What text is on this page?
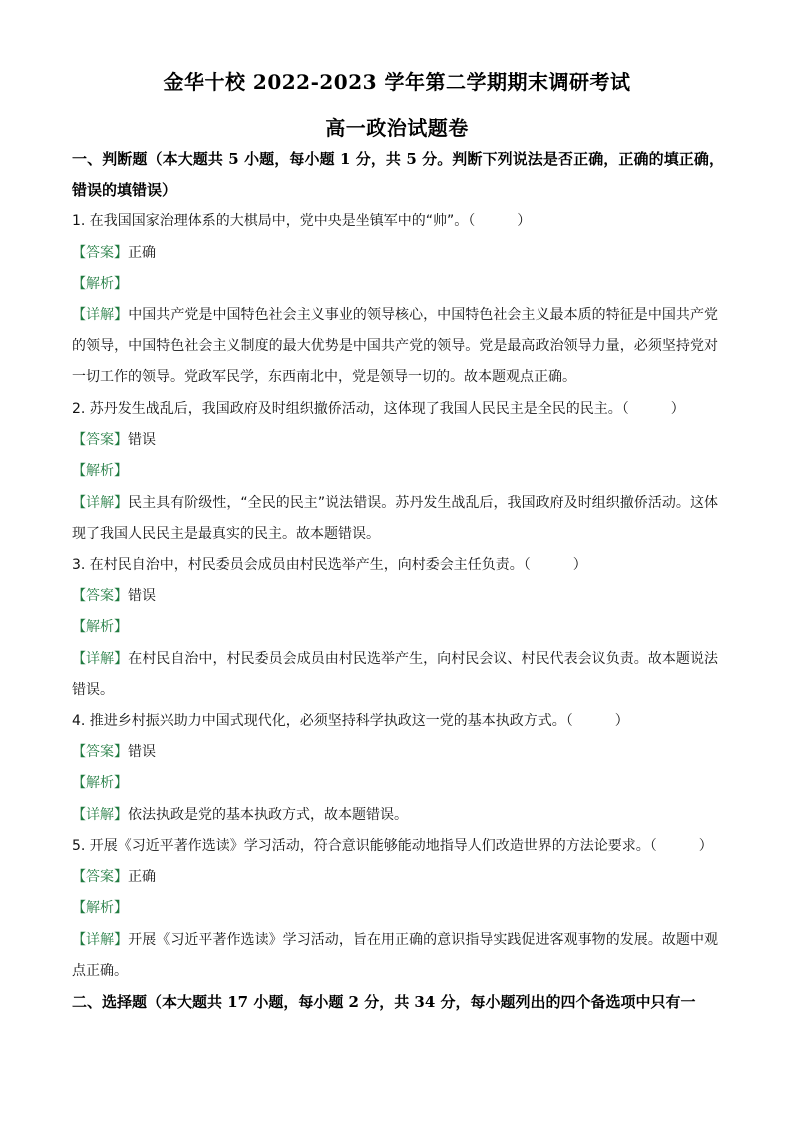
金华十校 2022-2023 学年第二学期期末调研考试
高一政治试题卷
一、判断题（本大题共 5 小题，每小题 1 分，共 5 分。判断下列说法是否正确，正确的填正确，错误的填错误）
1. 在我国国家治理体系的大棋局中，党中央是坐镇军中的“帅”。（　　　）
【答案】正确
【解析】
【详解】中国共产党是中国特色社会主义事业的领导核心，中国特色社会主义最本质的特征是中国共产党的领导，中国特色社会主义制度的最大优势是中国共产党的领导。党是最高政治领导力量，必须坚持党对一切工作的领导。党政军民学，东西南北中，党是领导一切的。故本题观点正确。
2. 苏丹发生战乱后，我国政府及时组织撤侨活动，这体现了我国人民民主是全民的民主。（　　　）
【答案】错误
【解析】
【详解】民主具有阶级性，“全民的民主”说法错误。苏丹发生战乱后，我国政府及时组织撤侨活动。这体现了我国人民民主是最真实的民主。故本题错误。
3. 在村民自治中，村民委员会成员由村民选举产生，向村委会主任负责。（　　　）
【答案】错误
【解析】
【详解】在村民自治中，村民委员会成员由村民选举产生，向村民会议、村民代表会议负责。故本题说法错误。
4. 推进乡村振兴助力中国式现代化，必须坚持科学执政这一党的基本执政方式。（　　　）
【答案】错误
【解析】
【详解】依法执政是党的基本执政方式，故本题错误。
5. 开展《习近平著作选读》学习活动，符合意识能够能动地指导人们改造世界的方法论要求。（　　　）
【答案】正确
【解析】
【详解】开展《习近平著作选读》学习活动，旨在用正确的意识指导实践促进客观事物的发展。故题中观点正确。
二、选择题（本大题共 17 小题，每小题 2 分，共 34 分，每小题列出的四个备选项中只有一
